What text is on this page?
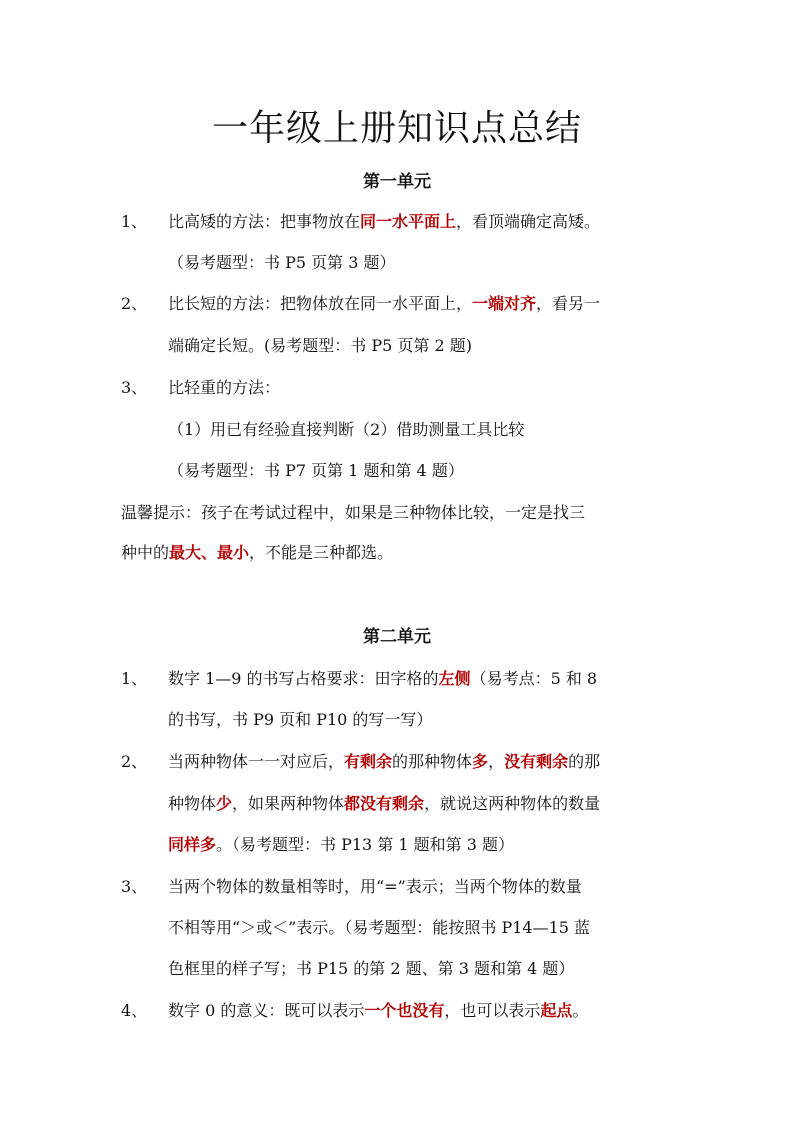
一年级上册知识点总结
第一单元
1、 比高矮的方法：把事物放在同一水平面上，看顶端确定高矮。
（易考题型：书 P5 页第 3 题）
2、 比长短的方法：把物体放在同一水平面上，一端对齐，看另一
端确定长短。(易考题型：书 P5 页第 2 题)
3、 比轻重的方法：
（1）用已有经验直接判断（2）借助测量工具比较
（易考题型：书 P7 页第 1 题和第 4 题）
温馨提示：孩子在考试过程中，如果是三种物体比较，一定是找三
种中的最大、最小，不能是三种都选。
第二单元
1、 数字 1—9 的书写占格要求：田字格的左侧（易考点：5 和 8
的书写，书 P9 页和 P10 的写一写）
2、 当两种物体一一对应后，有剩余的那种物体多，没有剩余的那
种物体少，如果两种物体都没有剩余，就说这两种物体的数量
同样多。（易考题型：书 P13 第 1 题和第 3 题）
3、 当两个物体的数量相等时，用“=”表示；当两个物体的数量
不相等用“＞或＜”表示。（易考题型：能按照书 P14—15 蓝
色框里的样子写；书 P15 的第 2 题、第 3 题和第 4 题）
4、 数字 0 的意义：既可以表示一个也没有，也可以表示起点。
